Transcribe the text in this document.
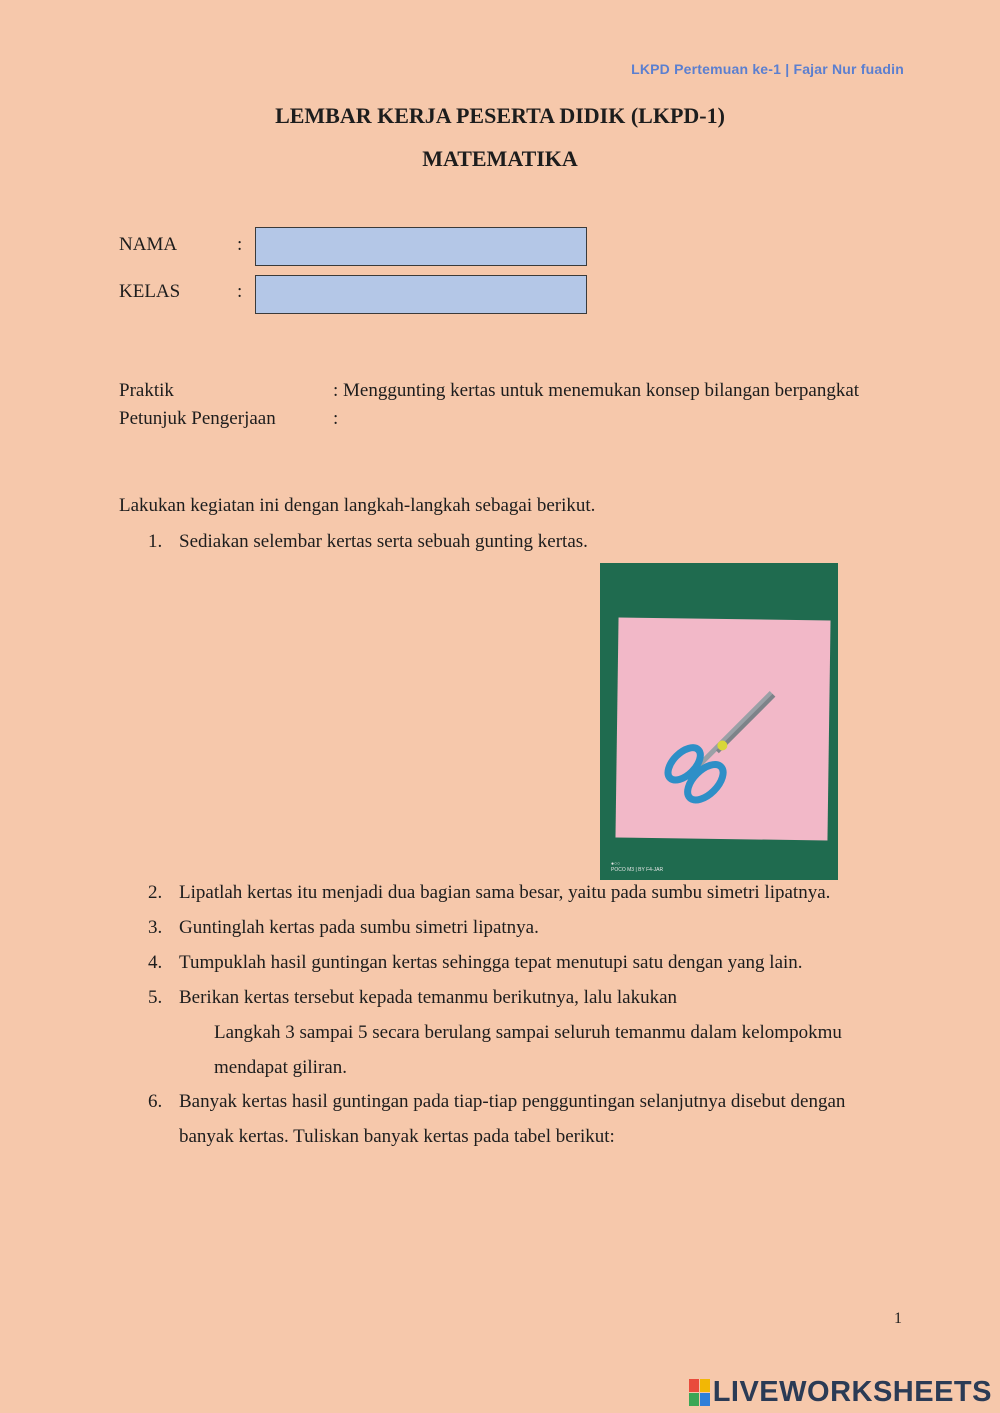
LKPD Pertemuan ke-1 | Fajar Nur fuadin
LEMBAR KERJA PESERTA DIDIK (LKPD-1)
MATEMATIKA
NAMA	:
KELAS	:
Praktik	: Menggunting kertas untuk menemukan konsep bilangan berpangkat
Petunjuk Pengerjaan	:
Lakukan kegiatan ini dengan langkah-langkah sebagai berikut.
1. Sediakan selembar kertas serta sebuah gunting kertas.
●○○
POCO M3 | BY F4-JAR
2. Lipatlah kertas itu menjadi dua bagian sama besar, yaitu pada sumbu simetri lipatnya.
3. Guntinglah kertas pada sumbu simetri lipatnya.
4. Tumpuklah hasil guntingan kertas sehingga tepat menutupi satu dengan yang lain.
5. Berikan kertas tersebut kepada temanmu berikutnya, lalu lakukan
Langkah 3 sampai 5 secara berulang sampai seluruh temanmu dalam kelompokmu
mendapat giliran.
6. Banyak kertas hasil guntingan pada tiap-tiap pengguntingan selanjutnya disebut dengan
banyak kertas. Tuliskan banyak kertas pada tabel berikut:
1
LIVEWORKSHEETS
